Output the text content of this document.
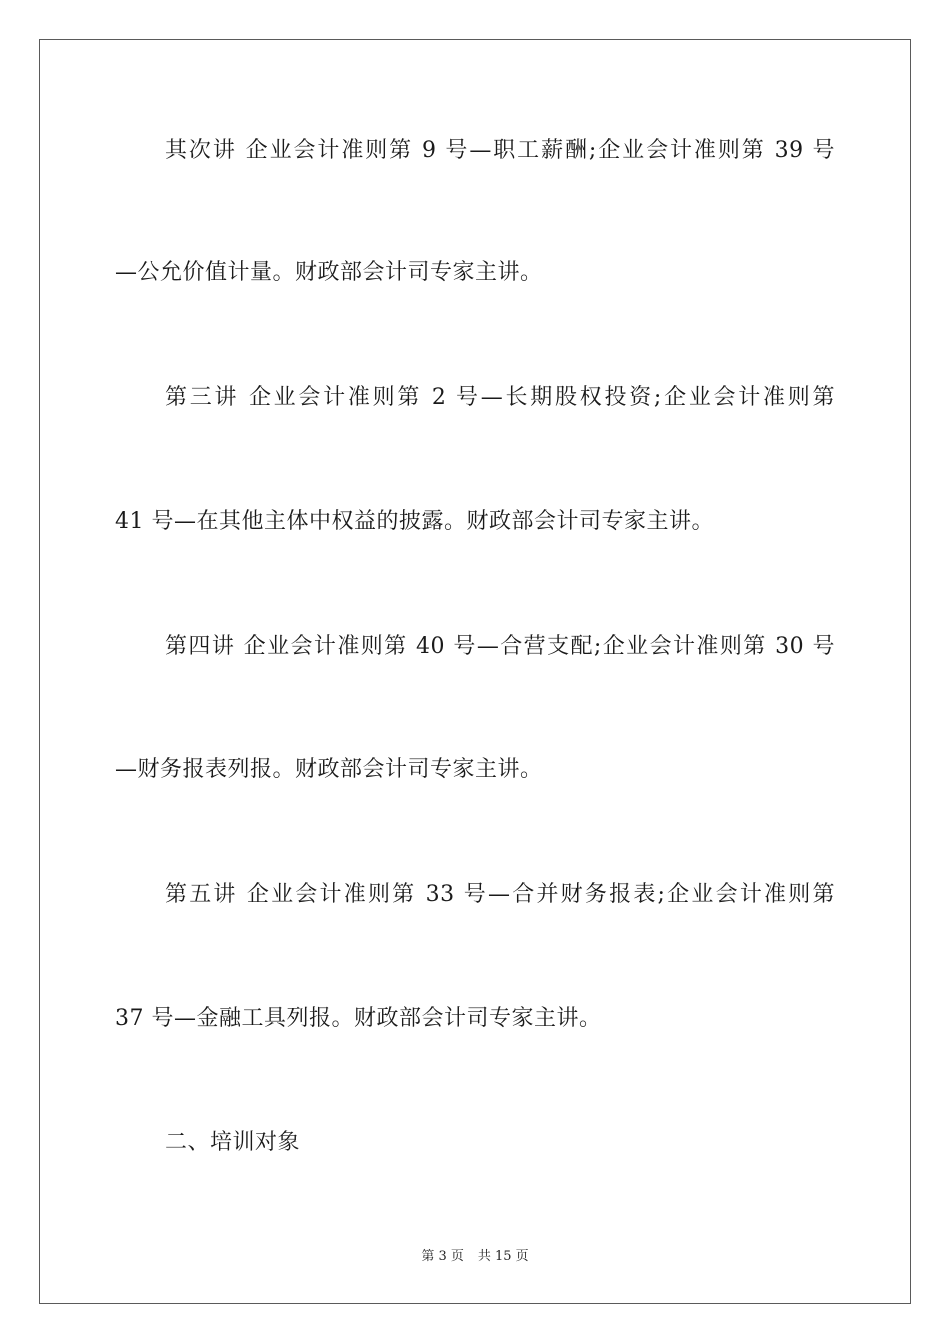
其次讲 企业会计准则第 9 号—职工薪酬;企业会计准则第 39 号
—公允价值计量。财政部会计司专家主讲。
第三讲 企业会计准则第 2 号—长期股权投资;企业会计准则第
41 号—在其他主体中权益的披露。财政部会计司专家主讲。
第四讲 企业会计准则第 40 号—合营支配;企业会计准则第 30 号
—财务报表列报。财政部会计司专家主讲。
第五讲 企业会计准则第 33 号—合并财务报表;企业会计准则第
37 号—金融工具列报。财政部会计司专家主讲。
二、培训对象
第 3 页 共 15 页
